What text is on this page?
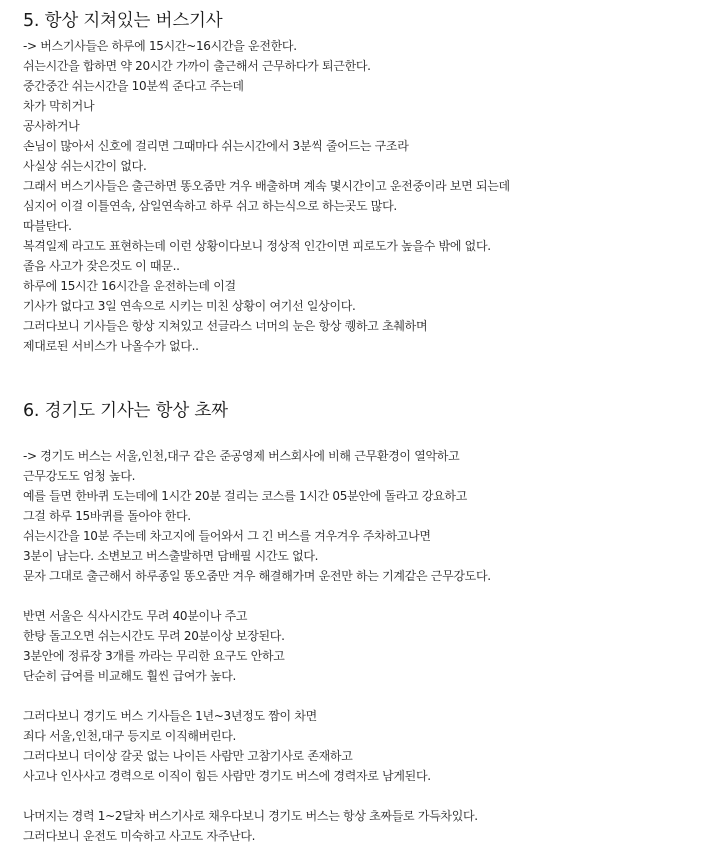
5. 항상 지쳐있는 버스기사
-> 버스기사들은 하루에 15시간~16시간을 운전한다.
쉬는시간을 합하면 약 20시간 가까이 출근해서 근무하다가 퇴근한다.
중간중간 쉬는시간을 10분씩 준다고 주는데
차가 막히거나
공사하거나
손님이 많아서 신호에 걸리면 그때마다 쉬는시간에서 3분씩 줄어드는 구조라
사실상 쉬는시간이 없다.
그래서 버스기사들은 출근하면 똥오줌만 겨우 배출하며 계속 몇시간이고 운전중이라 보면 되는데
심지어 이걸 이틀연속, 삼일연속하고 하루 쉬고 하는식으로 하는곳도 많다.
따블탄다.
복격일제 라고도 표현하는데 이런 상황이다보니 정상적 인간이면 피로도가 높을수 밖에 없다.
졸음 사고가 잦은것도 이 때문..
하루에 15시간 16시간을 운전하는데 이걸
기사가 없다고 3일 연속으로 시키는 미친 상황이 여기선 일상이다.
그러다보니 기사들은 항상 지쳐있고 선글라스 너머의 눈은 항상 퀭하고 초췌하며
제대로된 서비스가 나올수가 없다..
6. 경기도 기사는 항상 초짜
-> 경기도 버스는 서울,인천,대구 같은 준공영제 버스회사에 비해 근무환경이 열악하고
근무강도도 엄청 높다.
예를 들면 한바퀴 도는데에 1시간 20분 걸리는 코스를 1시간 05분안에 돌라고 강요하고
그걸 하루 15바퀴를 돌아야 한다.
쉬는시간을 10분 주는데 차고지에 들어와서 그 긴 버스를 겨우겨우 주차하고나면
3분이 남는다. 소변보고 버스출발하면 담배필 시간도 없다.
문자 그대로 출근해서 하루종일 똥오줌만 겨우 해결해가며 운전만 하는 기계같은 근무강도다.
반면 서울은 식사시간도 무려 40분이나 주고
한탕 돌고오면 쉬는시간도 무려 20분이상 보장된다.
3분안에 정류장 3개를 까라는 무리한 요구도 안하고
단순히 급여를 비교해도 훨씬 급여가 높다.
그러다보니 경기도 버스 기사들은 1년~3년정도 짬이 차면
죄다 서울,인천,대구 등지로 이직해버린다.
그러다보니 더이상 갈곳 없는 나이든 사람만 고참기사로 존재하고
사고나 인사사고 경력으로 이직이 힘든 사람만 경기도 버스에 경력자로 남게된다.
나머지는 경력 1~2달차 버스기사로 채우다보니 경기도 버스는 항상 초짜들로 가득차있다.
그러다보니 운전도 미숙하고 사고도 자주난다.
